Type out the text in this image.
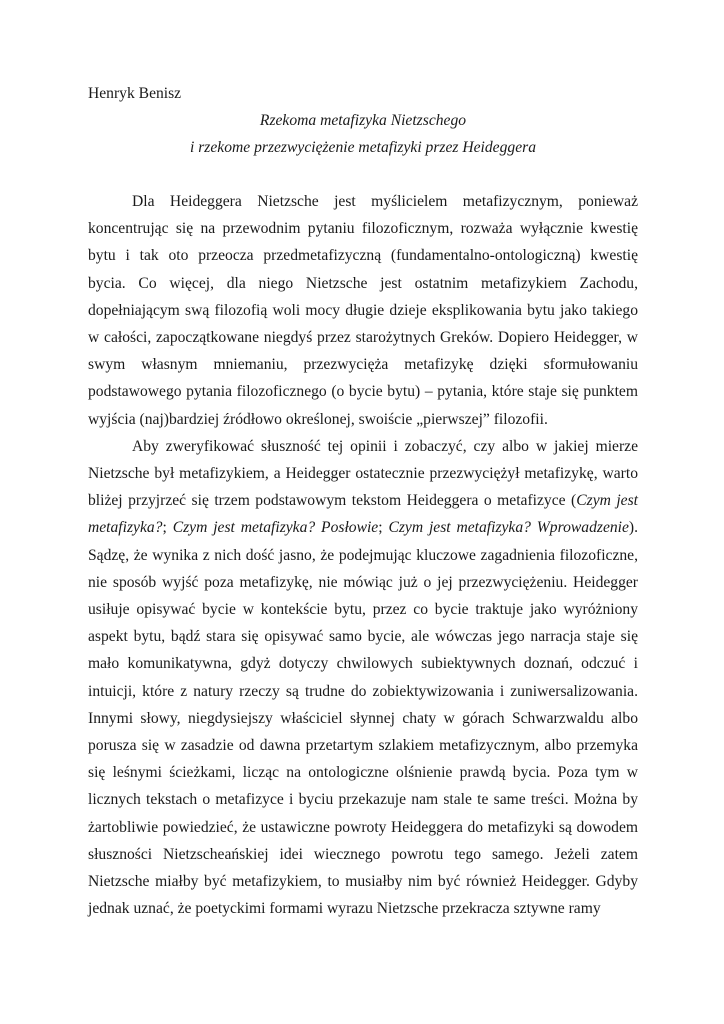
Henryk Benisz

Rzekoma metafizyka Nietzschego

i rzekome przezwyciężenie metafizyki przez Heideggera

Dla Heideggera Nietzsche jest myślicielem metafizycznym, ponieważ koncentrując się na przewodnim pytaniu filozoficznym, rozważa wyłącznie kwestię bytu i tak oto przeocza przedmetafizyczną (fundamentalno-ontologiczną) kwestię bycia. Co więcej, dla niego Nietzsche jest ostatnim metafizykiem Zachodu, dopełniającym swą filozofią woli mocy długie dzieje eksplikowania bytu jako takiego w całości, zapoczątkowane niegdyś przez starożytnych Greków. Dopiero Heidegger, w swym własnym mniemaniu, przezwycięża metafizykę dzięki sformułowaniu podstawowego pytania filozoficznego (o bycie bytu) – pytania, które staje się punktem wyjścia (naj)bardziej źródłowo określonej, swoiście „pierwszej” filozofii.

Aby zweryfikować słuszność tej opinii i zobaczyć, czy albo w jakiej mierze Nietzsche był metafizykiem, a Heidegger ostatecznie przezwyciężył metafizykę, warto bliżej przyjrzeć się trzem podstawowym tekstom Heideggera o metafizyce (Czym jest metafizyka?; Czym jest metafizyka? Posłowie; Czym jest metafizyka? Wprowadzenie). Sądzę, że wynika z nich dość jasno, że podejmując kluczowe zagadnienia filozoficzne, nie sposób wyjść poza metafizykę, nie mówiąc już o jej przezwyciężeniu. Heidegger usiłuje opisywać bycie w kontekście bytu, przez co bycie traktuje jako wyróżniony aspekt bytu, bądź stara się opisywać samo bycie, ale wówczas jego narracja staje się mało komunikatywna, gdyż dotyczy chwilowych subiektywnych doznań, odczuć i intuicji, które z natury rzeczy są trudne do zobiektywizowania i zuniwersalizowania. Innymi słowy, niegdysiejszy właściciel słynnej chaty w górach Schwarzwaldu albo porusza się w zasadzie od dawna przetartym szlakiem metafizycznym, albo przemyka się leśnymi ścieżkami, licząc na ontologiczne olśnienie prawdą bycia. Poza tym w licznych tekstach o metafizyce i byciu przekazuje nam stale te same treści. Można by żartobliwie powiedzieć, że ustawiczne powroty Heideggera do metafizyki są dowodem słuszności Nietzscheańskiej idei wiecznego powrotu tego samego. Jeżeli zatem Nietzsche miałby być metafizykiem, to musiałby nim być również Heidegger. Gdyby jednak uznać, że poetyckimi formami wyrazu Nietzsche przekracza sztywne ramy
